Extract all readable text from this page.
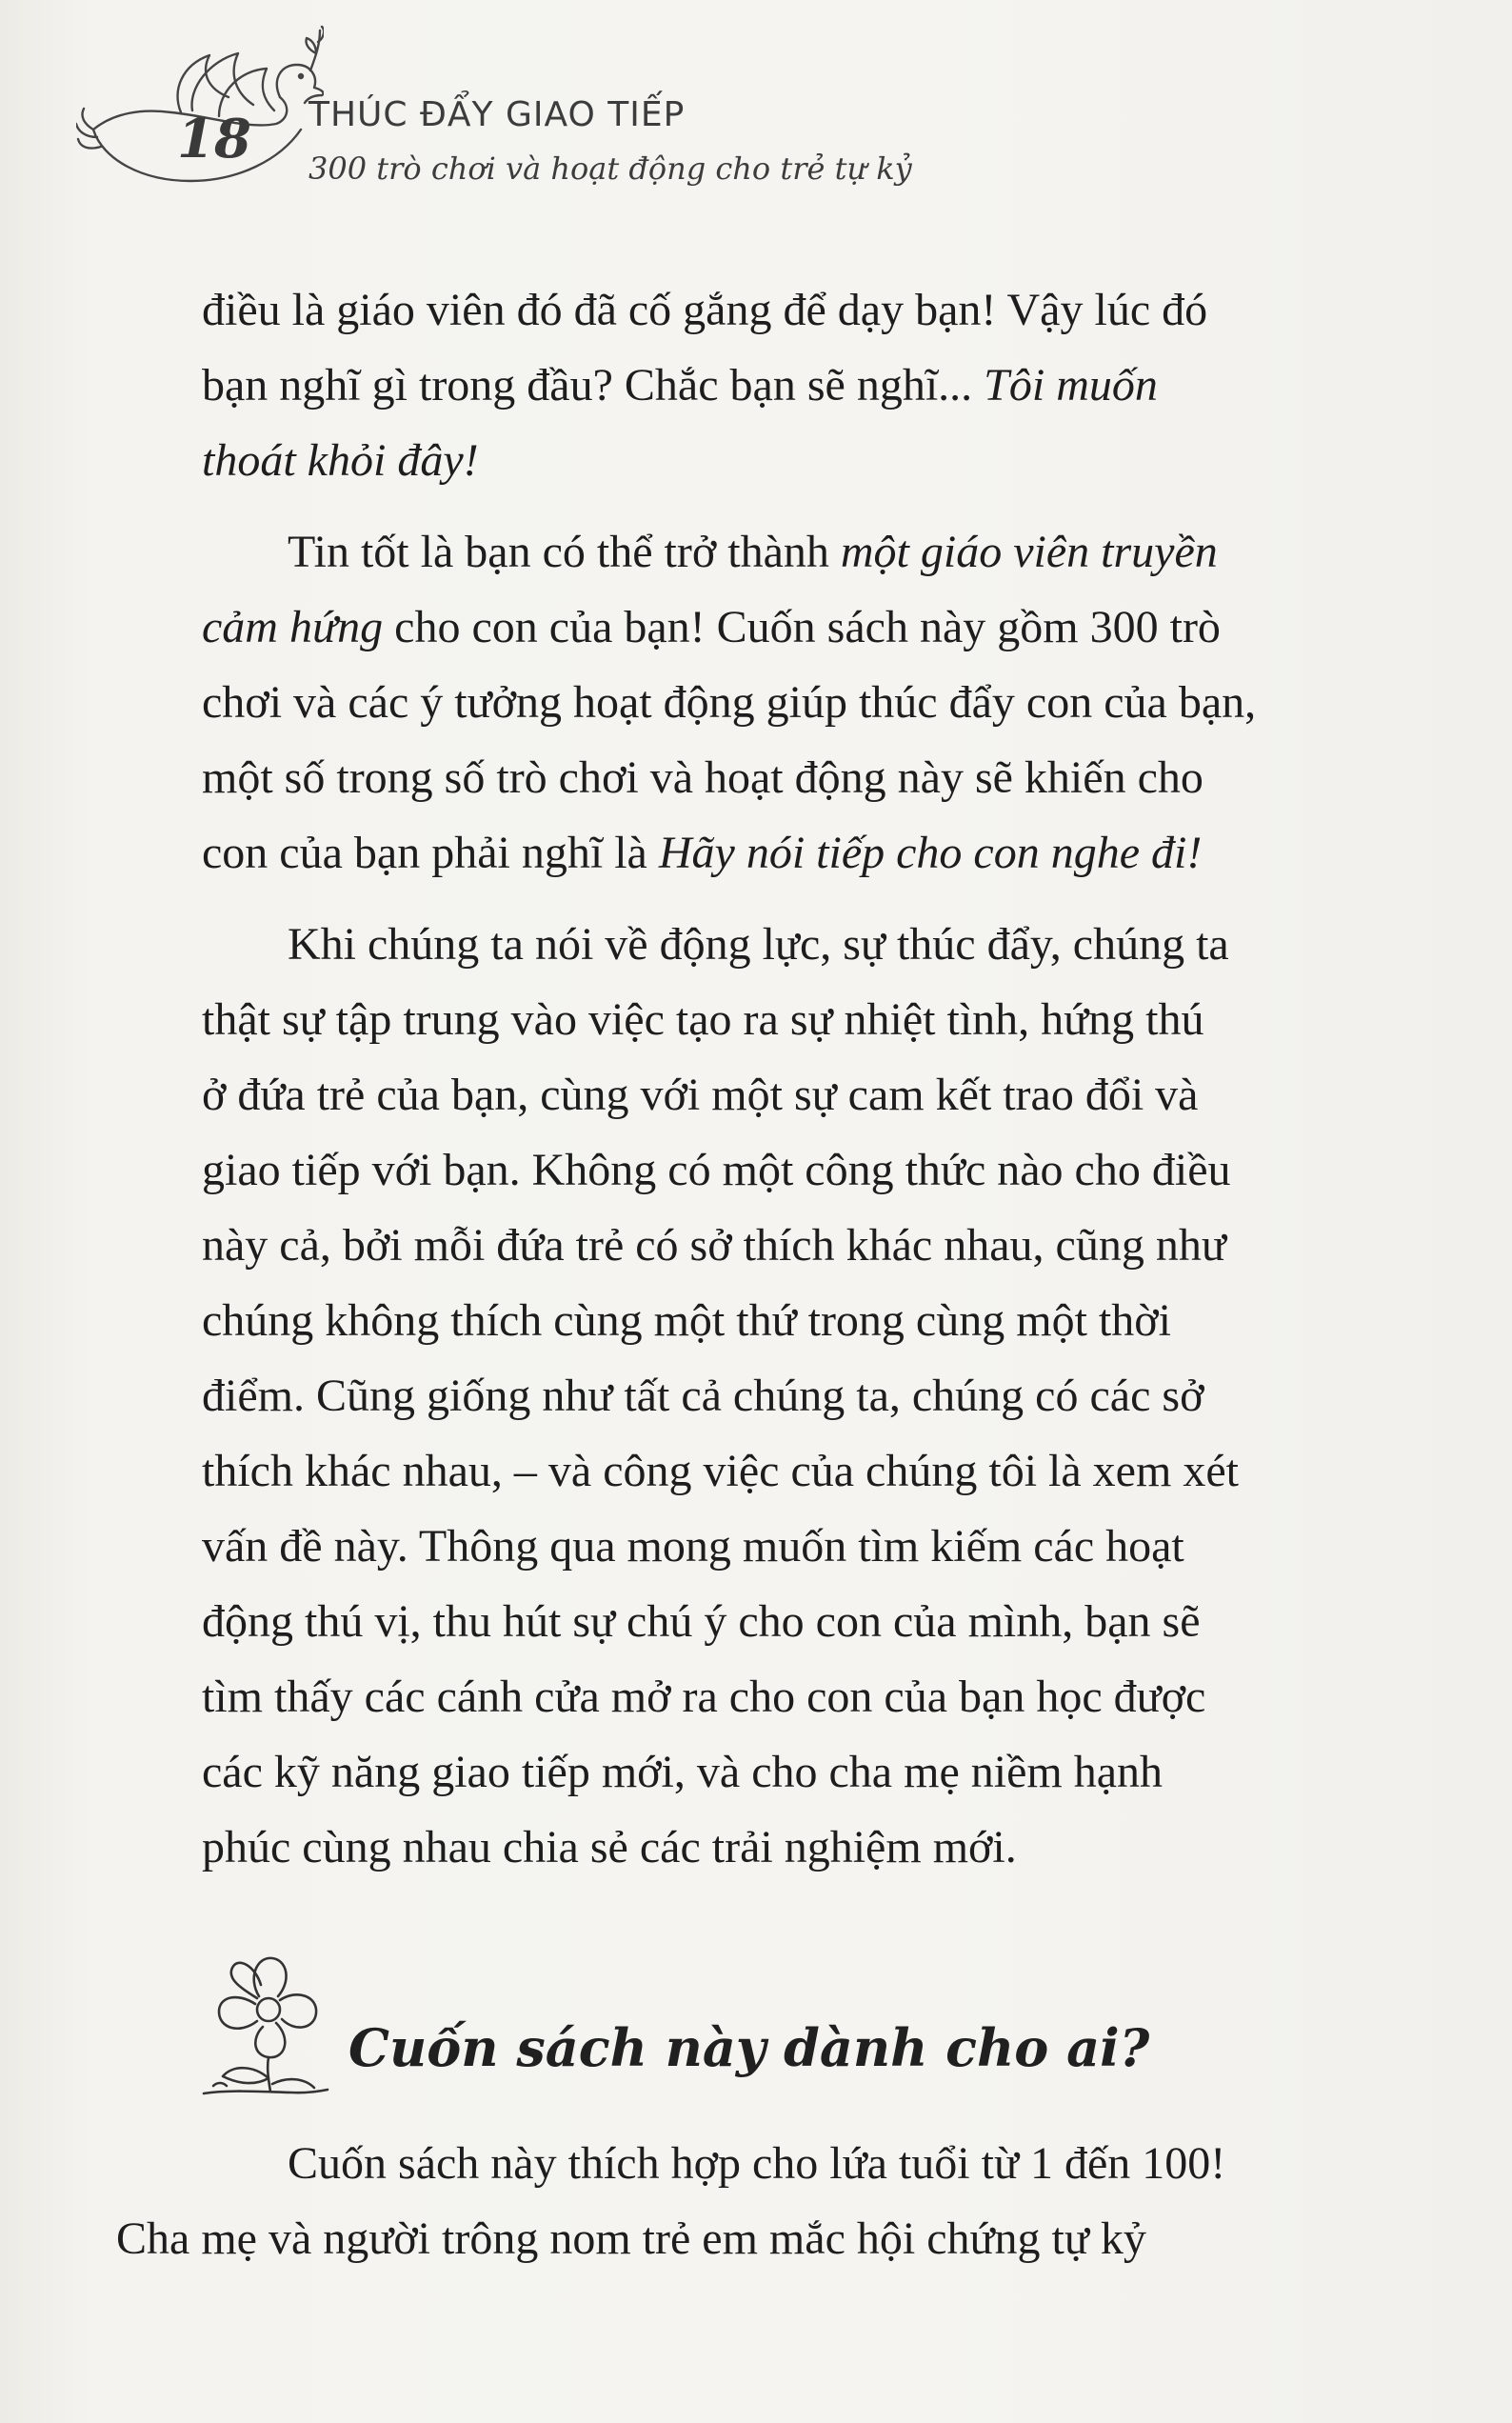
18 THÚC ĐẨY GIAO TIẾP
300 trò chơi và hoạt động cho trẻ tự kỷ
điều là giáo viên đó đã cố gắng để dạy bạn! Vậy lúc đó
bạn nghĩ gì trong đầu? Chắc bạn sẽ nghĩ... Tôi muốn
thoát khỏi đây!
Tin tốt là bạn có thể trở thành một giáo viên truyền
cảm hứng cho con của bạn! Cuốn sách này gồm 300 trò
chơi và các ý tưởng hoạt động giúp thúc đẩy con của bạn,
một số trong số trò chơi và hoạt động này sẽ khiến cho
con của bạn phải nghĩ là Hãy nói tiếp cho con nghe đi!
Khi chúng ta nói về động lực, sự thúc đẩy, chúng ta
thật sự tập trung vào việc tạo ra sự nhiệt tình, hứng thú
ở đứa trẻ của bạn, cùng với một sự cam kết trao đổi và
giao tiếp với bạn. Không có một công thức nào cho điều
này cả, bởi mỗi đứa trẻ có sở thích khác nhau, cũng như
chúng không thích cùng một thứ trong cùng một thời
điểm. Cũng giống như tất cả chúng ta, chúng có các sở
thích khác nhau, – và công việc của chúng tôi là xem xét
vấn đề này. Thông qua mong muốn tìm kiếm các hoạt
động thú vị, thu hút sự chú ý cho con của mình, bạn sẽ
tìm thấy các cánh cửa mở ra cho con của bạn học được
các kỹ năng giao tiếp mới, và cho cha mẹ niềm hạnh
phúc cùng nhau chia sẻ các trải nghiệm mới.
Cuốn sách này dành cho ai?
Cuốn sách này thích hợp cho lứa tuổi từ 1 đến 100!
Cha mẹ và người trông nom trẻ em mắc hội chứng tự kỷ
